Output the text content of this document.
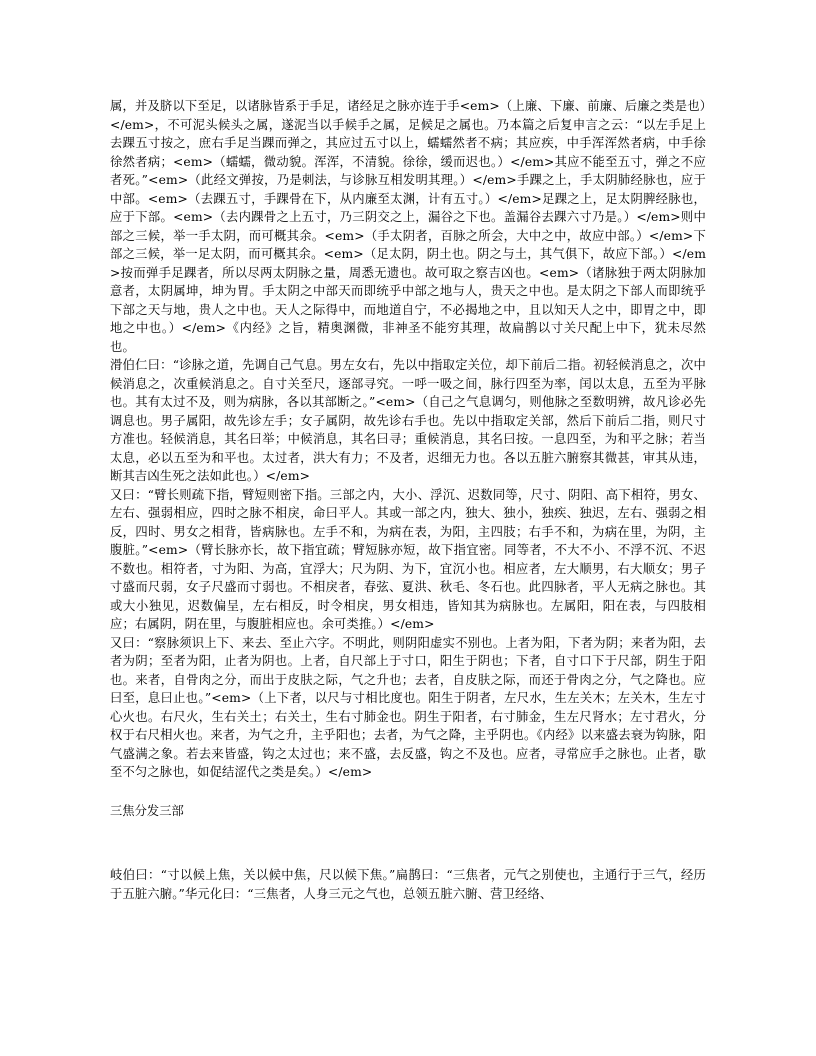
属，并及脐以下至足，以诸脉皆系于手足，诸经足之脉亦连于手<em>（上廉、下廉、前廉、后廉之类是也）</em>，不可泥头候头之属，遂泥当以手候手之属，足候足之属也。乃本篇之后复申言之云：“以左手足上去踝五寸按之，庶右手足当踝而弹之，其应过五寸以上，蠕蠕然者不病；其应疾，中手浑浑然者病，中手徐徐然者病；<em>（蠕蠕，微动貌。浑浑，不清貌。徐徐，缓而迟也。）</em>其应不能至五寸，弹之不应者死。”<em>（此经文弹按，乃是刺法，与诊脉互相发明其理。）</em>手踝之上，手太阴肺经脉也，应于中部。<em>（去踝五寸，手踝骨在下，从内廉至太渊，计有五寸。）</em>足踝之上，足太阴脾经脉也，应于下部。<em>（去内踝骨之上五寸，乃三阴交之上，漏谷之下也。盖漏谷去踝六寸乃是。）</em>则中部之三候，举一手太阴，而可概其余。<em>（手太阴者，百脉之所会，大中之中，故应中部。）</em>下部之三候，举一足太阴，而可概其余。<em>（足太阴，阴土也。阴之与土，其气俱下，故应下部。）</em>按而弹手足踝者，所以尽两太阴脉之量，周悉无遗也。故可取之察吉凶也。<em>（诸脉独于两太阴脉加意者，太阴属坤，坤为胃。手太阴之中部天而即统乎中部之地与人，贵天之中也。是太阴之下部人而即统乎下部之天与地，贵人之中也。天人之际得中，而地道自宁，不必揭地之中，且以知天人之中，即胃之中，即地之中也。）</em>《内经》之旨，精奥渊微，非神圣不能穷其理，故扁鹊以寸关尺配上中下，犹未尽然也。

滑伯仁曰：“诊脉之道，先调自己气息。男左女右，先以中指取定关位，却下前后二指。初轻候消息之，次中候消息之，次重候消息之。自寸关至尺，逐部寻究。一呼一吸之间，脉行四至为率，闰以太息，五至为平脉也。其有太过不及，则为病脉，各以其部断之。”<em>（自己之气息调匀，则他脉之至数明辨，故凡诊必先调息也。男子属阳，故先诊左手；女子属阴，故先诊右手也。先以中指取定关部，然后下前后二指，则尺寸方准也。轻候消息，其名曰举；中候消息，其名曰寻；重候消息，其名曰按。一息四至，为和平之脉；若当太息，必以五至为和平也。太过者，洪大有力；不及者，迟细无力也。各以五脏六腑察其微甚，审其从违，断其吉凶生死之法如此也。）</em>

又曰：“臂长则疏下指，臂短则密下指。三部之内，大小、浮沉、迟数同等，尺寸、阴阳、高下相符，男女、左右、强弱相应，四时之脉不相戾，命曰平人。其或一部之内，独大、独小，独疾、独迟，左右、强弱之相反，四时、男女之相背，皆病脉也。左手不和，为病在表，为阳，主四肢；右手不和，为病在里，为阴，主腹脏。”<em>（臂长脉亦长，故下指宜疏；臂短脉亦短，故下指宜密。同等者，不大不小、不浮不沉、不迟不数也。相符者，寸为阳、为高，宜浮大；尺为阴、为下，宜沉小也。相应者，左大顺男，右大顺女；男子寸盛而尺弱，女子尺盛而寸弱也。不相戾者，春弦、夏洪、秋毛、冬石也。此四脉者，平人无病之脉也。其或大小独见，迟数偏呈，左右相反，时令相戾，男女相违，皆知其为病脉也。左属阳，阳在表，与四肢相应；右属阴，阴在里，与腹脏相应也。余可类推。）</em>

又曰：“察脉须识上下、来去、至止六字。不明此，则阴阳虚实不别也。上者为阳，下者为阴；来者为阳，去者为阴；至者为阳，止者为阴也。上者，自尺部上于寸口，阳生于阴也；下者，自寸口下于尺部，阴生于阳也。来者，自骨肉之分，而出于皮肤之际，气之升也；去者，自皮肤之际，而还于骨肉之分，气之降也。应曰至，息曰止也。”<em>（上下者，以尺与寸相比度也。阳生于阴者，左尺水，生左关木；左关木，生左寸心火也。右尺火，生右关土；右关土，生右寸肺金也。阴生于阳者，右寸肺金，生左尺肾水；左寸君火，分权于右尺相火也。来者，为气之升，主乎阳也；去者，为气之降，主乎阴也。《内经》以来盛去衰为钩脉，阳气盛满之象。若去来皆盛，钩之太过也；来不盛，去反盛，钩之不及也。应者，寻常应手之脉也。止者，歇至不匀之脉也，如促结涩代之类是矣。）</em>

三焦分发三部

岐伯曰：“寸以候上焦，关以候中焦，尺以候下焦。”扁鹊曰：“三焦者，元气之别使也，主通行于三气，经历于五脏六腑。”华元化曰：“三焦者，人身三元之气也，总领五脏六腑、营卫经络、
